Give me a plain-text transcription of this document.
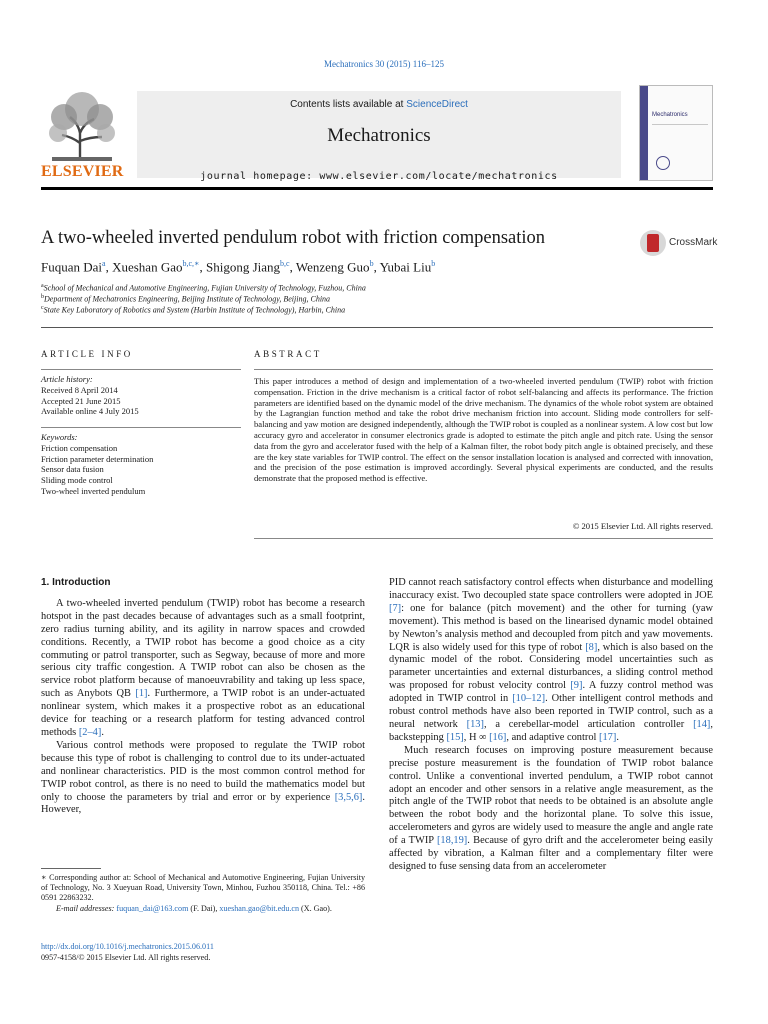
Mechatronics 30 (2015) 116–125
ELSEVIER
Contents lists available at ScienceDirect
Mechatronics
journal homepage: www.elsevier.com/locate/mechatronics
Mechatronics
A two-wheeled inverted pendulum robot with friction compensation	CrossMark
Fuquan Dai$^a$, Xueshan Gao$^{b,c,∗}$, Shigong Jiang$^{b,c}$, Wenzeng Guo$^b$, Yubai Liu$^b$
$^a$School of Mechanical and Automotive Engineering, Fujian University of Technology, Fuzhou, China
$^b$Department of Mechatronics Engineering, Beijing Institute of Technology, Beijing, China
$^c$State Key Laboratory of Robotics and System (Harbin Institute of Technology), Harbin, China
ARTICLE INFO	ABSTRACT
Article history:
Received 8 April 2014
Accepted 21 June 2015
Available online 4 July 2015
Keywords:
Friction compensation
Friction parameter determination
Sensor data fusion
Sliding mode control
Two-wheel inverted pendulum
This paper introduces a method of design and implementation of a two-wheeled inverted pendulum (TWIP) robot with friction compensation. Friction in the drive mechanism is a critical factor of robot self-balancing and affects its performance. The friction parameters are identified based on the dynamic model of the drive mechanism. The dynamics of the whole robot system are obtained by the Lagrangian function method and take the robot drive mechanism friction into account. Sliding mode controllers for self-balancing and yaw motion are designed independently, although the TWIP robot is coupled as a nonlinear system. A low cost but low accuracy gyro and accelerator in consumer electronics grade is adopted to estimate the pitch angle and pitch rate. Using the sensor data from the gyro and accelerator fused with the help of a Kalman filter, the robot body pitch angle is obtained precisely, and these are the key state variables for TWIP control. The effect on the sensor installation location is analysed and corrected with innovation, and the precision of the pose estimation is improved accordingly. Several physical experiments are conducted, and the results demonstrate that the proposed method is effective.
© 2015 Elsevier Ltd. All rights reserved.
1. Introduction

A two-wheeled inverted pendulum (TWIP) robot has become a research hotspot in the past decades because of advantages such as a small footprint, zero radius turning ability, and its agility in narrow spaces and crowded conditions. Recently, a TWIP robot has become a good choice as a city commuting or patrol transporter, such as Segway, because of more and more serious city traffic congestion. A TWIP robot can also be chosen as the service robot platform because of manoeuvrability and taking up less space, such as Anybots QB [1]. Furthermore, a TWIP robot is an under-actuated nonlinear system, which makes it a prospective robot as an educational device for teaching or a research platform for testing advanced control methods [2–4].

Various control methods were proposed to regulate the TWIP robot because this type of robot is challenging to control due to its under-actuated and nonlinear characteristics. PID is the most common control method for TWIP robot control, as there is no need to build the mathematics model but only to choose the parameters by trial and error or by experience [3,5,6]. However,

PID cannot reach satisfactory control effects when disturbance and modelling inaccuracy exist. Two decoupled state space controllers were adopted in JOE [7]: one for balance (pitch movement) and the other for turning (yaw movement). This method is based on the linearised dynamic model obtained by Newton’s analysis method and decoupled from pitch and yaw movements. LQR is also widely used for this type of robot [8], which is also based on the dynamic model of the robot. Considering model uncertainties such as parameter uncertainties and external disturbances, a sliding control method was proposed for robust velocity control [9]. A fuzzy control method was adopted in TWIP control in [10–12]. Other intelligent control methods and robust control methods have also been reported in TWIP control, such as a neural network [13], a cerebellar-model articulation controller [14], backstepping [15], H ∞ [16], and adaptive control [17].

Much research focuses on improving posture measurement because precise posture measurement is the foundation of TWIP robot balance control. Unlike a conventional inverted pendulum, a TWIP robot cannot adopt an encoder and other sensors in a relative angle measurement, as the pitch angle of the TWIP robot that needs to be obtained is an absolute angle between the robot body and the horizontal plane. To solve this issue, accelerometers and gyros are widely used to measure the angle and angle rate of a TWIP [18,19]. Because of gyro drift and the accelerometer being easily affected by vibration, a Kalman filter and a complementary filter were designed to fuse sensing data from an accelerometer

∗ Corresponding author at: School of Mechanical and Automotive Engineering, Fujian University of Technology, No. 3 Xueyuan Road, University Town, Minhou, Fuzhou 350118, China. Tel.: +86 0591 22863232.
E-mail addresses: fuquan_dai@163.com (F. Dai), xueshan.gao@bit.edu.cn (X. Gao).
http://dx.doi.org/10.1016/j.mechatronics.2015.06.011
0957-4158/© 2015 Elsevier Ltd. All rights reserved.
